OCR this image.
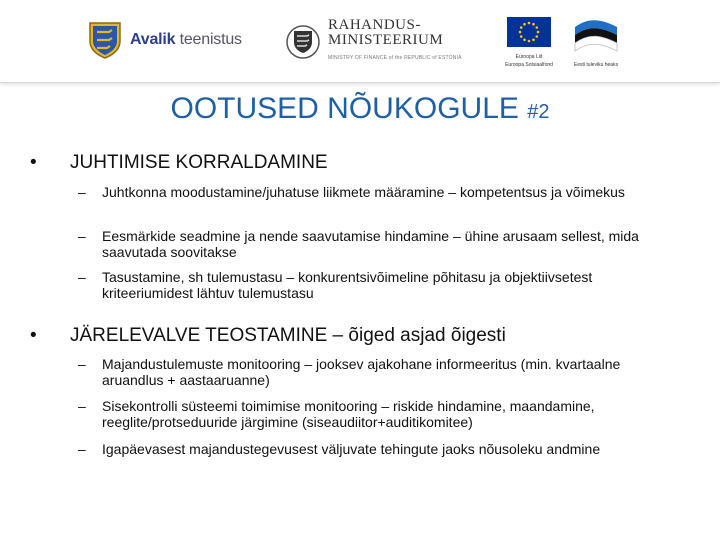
Avalik teenistus
RAHANDUS-
MINISTEERIUM
MINISTRY OF FINANCE of the REPUBLIC of ESTONIA	Euroopa Liit
Euroopa Sotsiaalfond	Eesti tuleviku heaks
OOTUSED NÕUKOGULE #2
• JUHTIMISE KORRALDAMINE
– Juhtkonna moodustamine/juhatuse liikmete määramine – kompetentsus ja võimekus
– Eesmärkide seadmine ja nende saavutamise hindamine – ühine arusaam sellest, mida saavutada soovitakse
– Tasustamine, sh tulemustasu – konkurentsivõimeline põhitasu ja objektiivsetest kriteeriumidest lähtuv tulemustasu
• JÄRELEVALVE TEOSTAMINE – õiged asjad õigesti
– Majandustulemuste monitooring – jooksev ajakohane informeeritus (min. kvartaalne aruandlus + aastaaruanne)
– Sisekontrolli süsteemi toimimise monitooring – riskide hindamine, maandamine, reeglite/protseduuride järgimine (siseaudiitor+auditikomitee)
– Igapäevasest majandustegevusest väljuvate tehingute jaoks nõusoleku andmine
